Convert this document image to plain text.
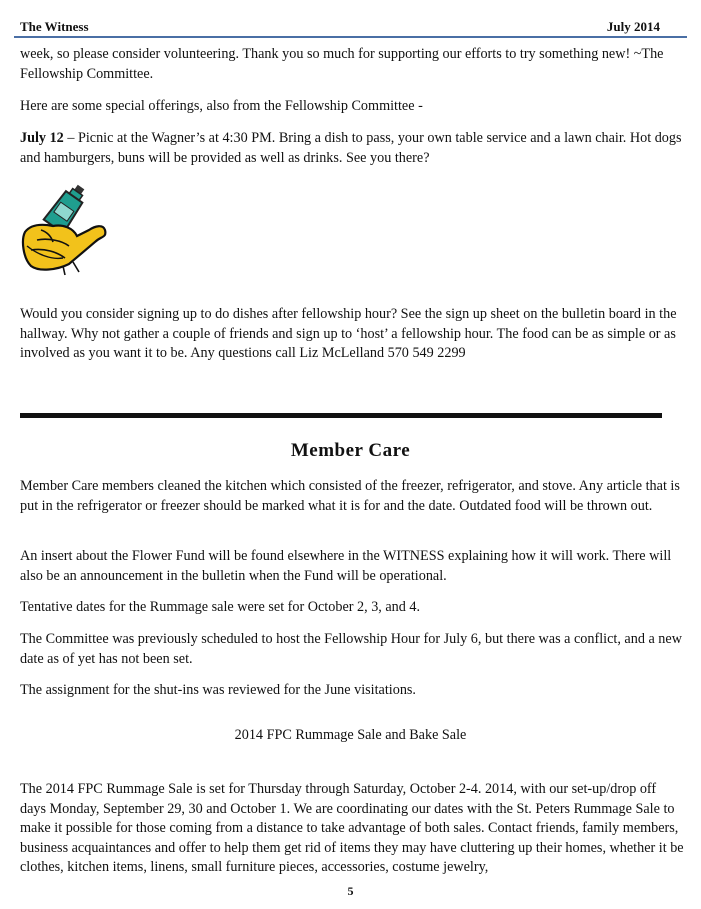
The Witness	July 2014

week, so please consider volunteering. Thank you so much for supporting our efforts to try something new! ~The Fellowship Committee.

Here are some special offerings, also from the Fellowship Committee -

July 12 – Picnic at the Wagner’s at 4:30 PM. Bring a dish to pass, your own table service and a lawn chair. Hot dogs and hamburgers, buns will be provided as well as drinks. See you there?

Would you consider signing up to do dishes after fellowship hour? See the sign up sheet on the bulletin board in the hallway. Why not gather a couple of friends and sign up to ‘host’ a fellowship hour. The food can be as simple or as involved as you want it to be. Any questions call Liz McLelland 570 549 2299

Member Care

Member Care members cleaned the kitchen which consisted of the freezer, refrigerator, and stove. Any article that is put in the refrigerator or freezer should be marked what it is for and the date. Outdated food will be thrown out.

An insert about the Flower Fund will be found elsewhere in the WITNESS explaining how it will work. There will also be an announcement in the bulletin when the Fund will be operational.

Tentative dates for the Rummage sale were set for October 2, 3, and 4.

The Committee was previously scheduled to host the Fellowship Hour for July 6, but there was a conflict, and a new date as of yet has not been set.

The assignment for the shut-ins was reviewed for the June visitations.

2014 FPC Rummage Sale and Bake Sale

The 2014 FPC Rummage Sale is set for Thursday through Saturday, October 2-4. 2014, with our set-up/drop off days Monday, September 29, 30 and October 1. We are coordinating our dates with the St. Peters Rummage Sale to make it possible for those coming from a distance to take advantage of both sales. Contact friends, family members, business acquaintances and offer to help them get rid of items they may have cluttering up their homes, whether it be clothes, kitchen items, linens, small furniture pieces, accessories, costume jewelry,

5
